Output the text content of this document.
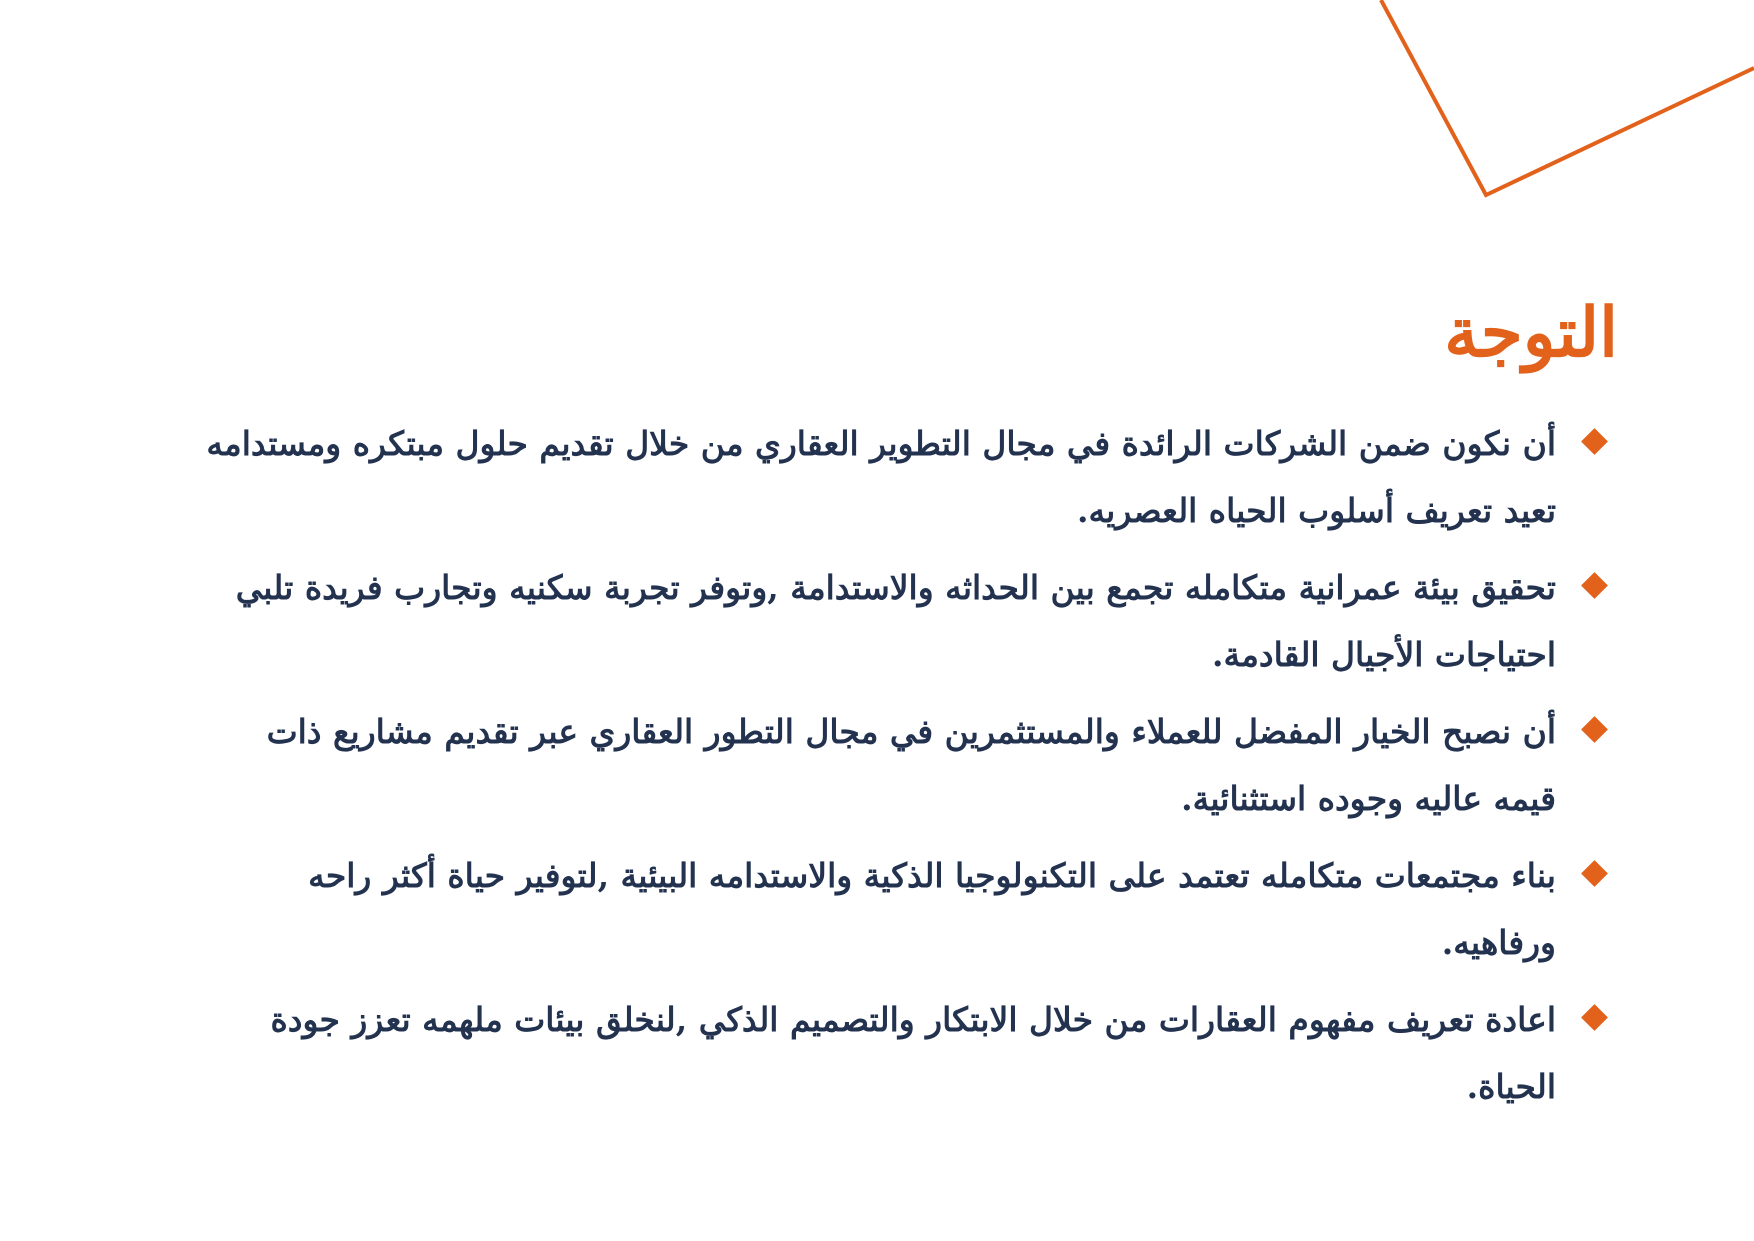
التوجة
أن نكون ضمن الشركات الرائدة في مجال التطوير العقاري من خلال تقديم حلول مبتكره ومستدامه تعيد تعريف أسلوب الحياه العصريه.
تحقيق بيئة عمرانية متكامله تجمع بين الحداثه والاستدامة ,وتوفر تجربة سكنيه وتجارب فريدة تلبي احتياجات الأجيال القادمة.
أن نصبح الخيار المفضل للعملاء والمستثمرين في مجال التطور العقاري عبر تقديم مشاريع ذات قيمه عاليه وجوده استثنائية.
بناء مجتمعات متكامله تعتمد على التكنولوجيا الذكية والاستدامه البيئية ,لتوفير حياة أكثر راحه ورفاهيه.
اعادة تعريف مفهوم العقارات من خلال الابتكار والتصميم الذكي ,لنخلق بيئات ملهمه تعزز جودة الحياة.
